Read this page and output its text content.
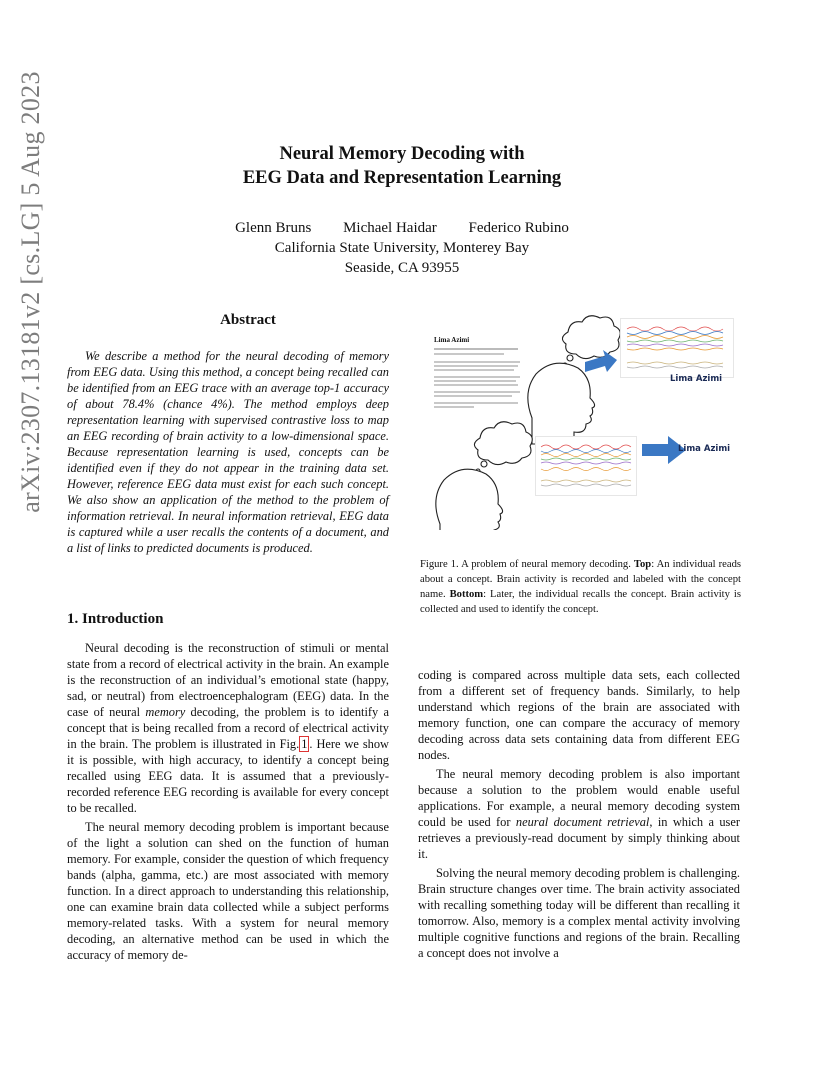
arXiv:2307.13181v2 [cs.LG] 5 Aug 2023	Neural Memory Decoding with
EEG Data and Representation Learning
Glenn Bruns Michael Haidar Federico Rubino
California State University, Monterey Bay
Seaside, CA 93955
Abstract

We describe a method for the neural decoding of memory from EEG data. Using this method, a concept being recalled can be identified from an EEG trace with an average top-1 accuracy of about 78.4% (chance 4%). The method employs deep representation learning with supervised contrastive loss to map an EEG recording of brain activity to a low-dimensional space. Because representation learning is used, concepts can be identified even if they do not appear in the training data set. However, reference EEG data must exist for each such concept. We also show an application of the method to the problem of information retrieval. In neural information retrieval, EEG data is captured while a user recalls the contents of a document, and a list of links to predicted documents is produced.

1. Introduction

Neural decoding is the reconstruction of stimuli or mental state from a record of electrical activity in the brain. An example is the reconstruction of an individual’s emotional state (happy, sad, or neutral) from electroencephalogram (EEG) data. In the case of neural memory decoding, the problem is to identify a concept that is being recalled from a record of electrical activity in the brain. The problem is illustrated in Fig. 1 . Here we show it is possible, with high accuracy, to identify a concept being recalled using EEG data. It is assumed that a previously-recorded reference EEG recording is available for every concept to be recalled.

The neural memory decoding problem is important because of the light a solution can shed on the function of human memory. For example, consider the question of which frequency bands (alpha, gamma, etc.) are most associated with memory function. In a direct approach to understanding this relationship, one can examine brain data collected while a subject performs memory-related tasks. With a system for neural memory decoding, an alternative method can be used in which the accuracy of memory de-

Lima Azimi
Lima Azimi
Lima Azimi
Figure 1. A problem of neural memory decoding. Top: An individual reads about a concept. Brain activity is recorded and labeled with the concept name. Bottom: Later, the individual recalls the concept. Brain activity is collected and used to identify the concept.

coding is compared across multiple data sets, each collected from a different set of frequency bands. Similarly, to help understand which regions of the brain are associated with memory function, one can compare the accuracy of memory decoding across data sets containing data from different EEG nodes.

The neural memory decoding problem is also important because a solution to the problem would enable useful applications. For example, a neural memory decoding system could be used for neural document retrieval, in which a user retrieves a previously-read document by simply thinking about it.

Solving the neural memory decoding problem is challenging. Brain structure changes over time. The brain activity associated with recalling something today will be different than recalling it tomorrow. Also, memory is a complex mental activity involving multiple cognitive functions and regions of the brain. Recalling a concept does not involve a
